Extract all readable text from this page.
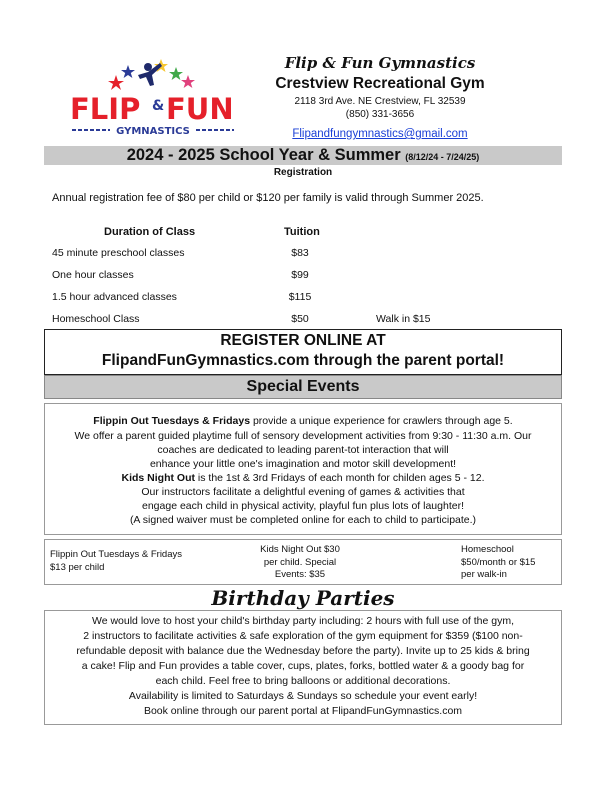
FLIP & FUN
GYMNASTICS
Flip & Fun Gymnastics
Crestview Recreational Gym
2118 3rd Ave. NE Crestview, FL 32539
(850) 331-3656
Flipandfungymnastics@gmail.com
2024 - 2025 School Year & Summer (8/12/24 - 7/24/25)
Registration
Annual registration fee of $80 per child or $120 per family is valid through Summer 2025.
Duration of Class	Tuition
45 minute preschool classes	$83
One hour classes	$99
1.5 hour advanced classes	$115
Homeschool Class	$50	Walk in $15
REGISTER ONLINE AT
FlipandFunGymnastics.com through the parent portal!
Special Events
Flippin Out Tuesdays & Fridays provide a unique experience for crawlers through age 5.
We offer a parent guided playtime full of sensory development activities from 9:30 - 11:30 a.m. Our
coaches are dedicated to leading parent-tot interaction that will
enhance your little one's imagination and motor skill development!
Kids Night Out is the 1st & 3rd Fridays of each month for childen ages 5 - 12.
Our instructors facilitate a delightful evening of games & activities that
engage each child in physical activity, playful fun plus lots of laughter!
(A signed waiver must be completed online for each to child to participate.)
Flippin Out Tuesdays & Fridays
$13 per child
Kids Night Out $30
per child. Special
Events: $35
Homeschool
$50/month or $15
per walk-in
Birthday Parties
We would love to host your child's birthday party including: 2 hours with full use of the gym,
2 instructors to facilitate activities & safe exploration of the gym equipment for $359 ($100 non-
refundable deposit with balance due the Wednesday before the party). Invite up to 25 kids & bring
a cake! Flip and Fun provides a table cover, cups, plates, forks, bottled water & a goody bag for
each child. Feel free to bring balloons or additional decorations.
Availability is limited to Saturdays & Sundays so schedule your event early!
Book online through our parent portal at FlipandFunGymnastics.com
